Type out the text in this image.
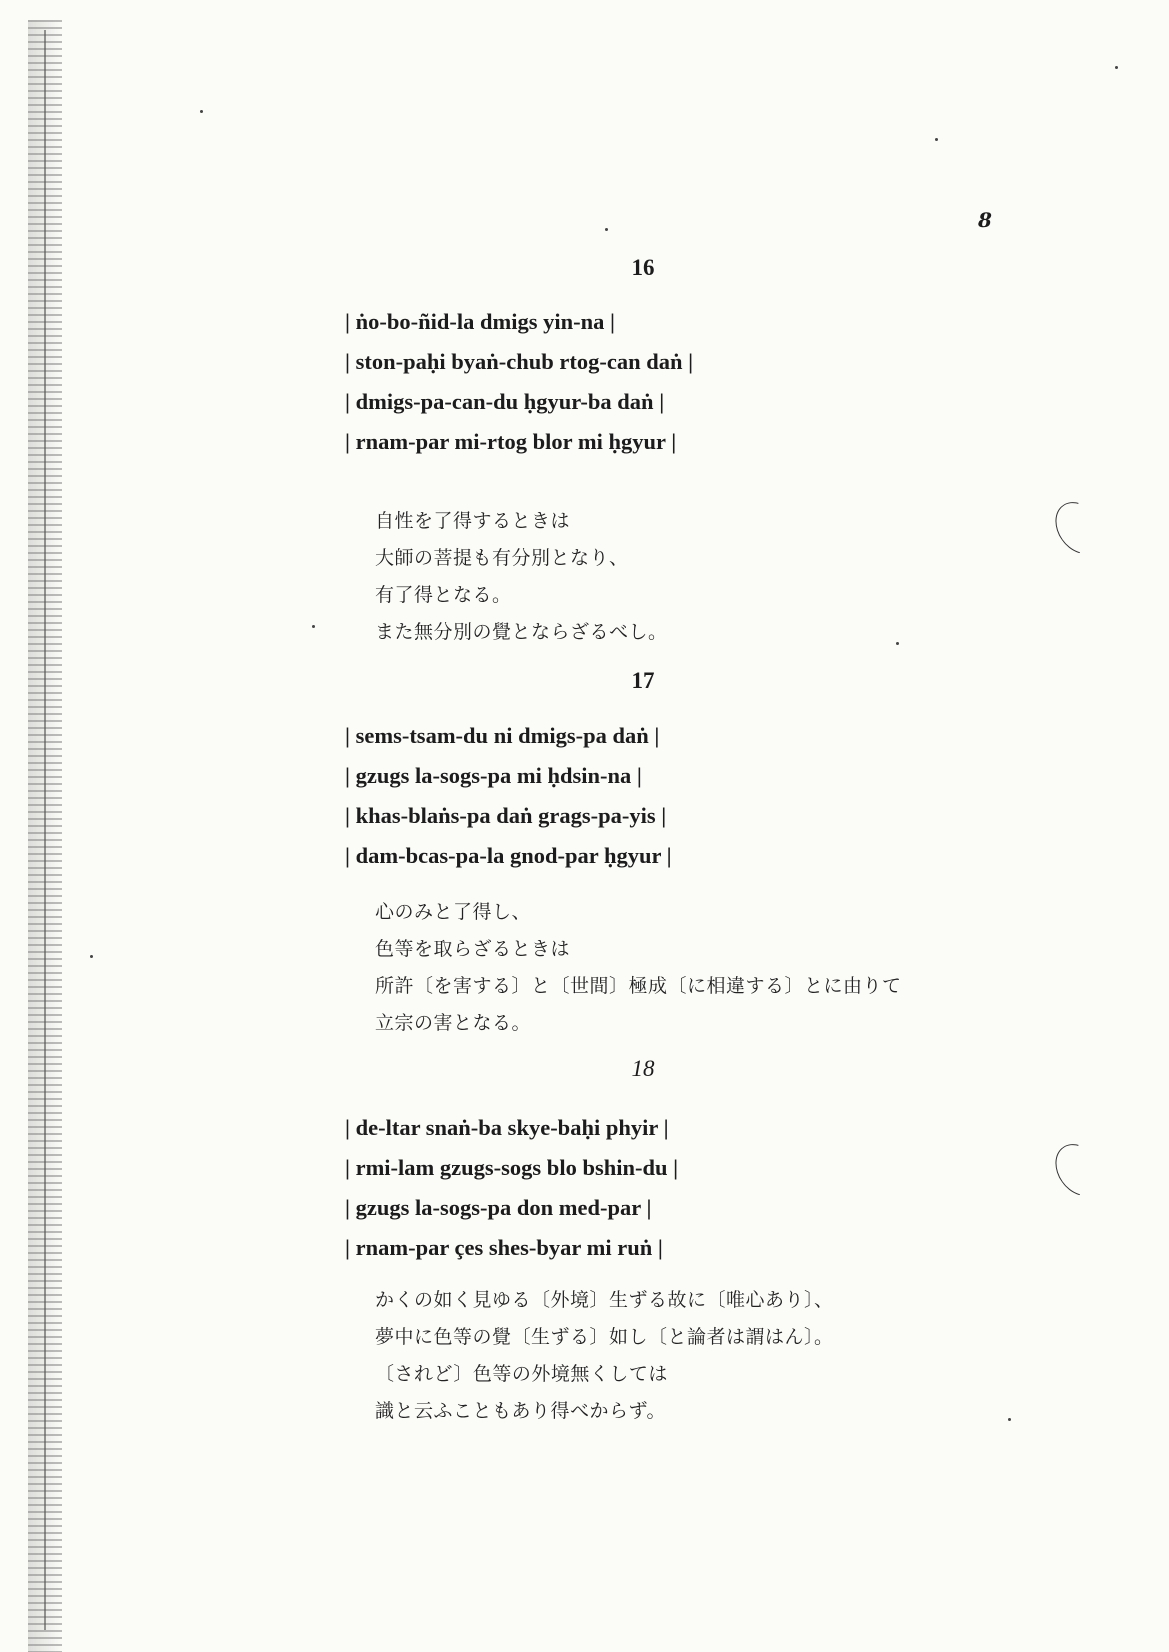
8
16
| ṅo-bo-ñid-la dmigs yin-na |
| ston-paḥi byaṅ-chub rtog-can daṅ |
| dmigs-pa-can-du ḥgyur-ba daṅ |
| rnam-par mi-rtog blor mi ḥgyur |
自性を了得するときは
大師の菩提も有分別となり、
有了得となる。
また無分別の覺とならざるべし。
17
| sems-tsam-du ni dmigs-pa daṅ |
| gzugs la-sogs-pa mi ḥdsin-na |
| khas-blaṅs-pa daṅ grags-pa-yis |
| dam-bcas-pa-la gnod-par ḥgyur |
心のみと了得し、
色等を取らざるときは
所許〔を害する〕と〔世間〕極成〔に相違する〕とに由りて
立宗の害となる。
18
| de-ltar snaṅ-ba skye-baḥi phyir |
| rmi-lam gzugs-sogs blo bshin-du |
| gzugs la-sogs-pa don med-par |
| rnam-par çes shes-byar mi ruṅ |
かくの如く見ゆる〔外境〕生ずる故に〔唯心あり〕、
夢中に色等の覺〔生ずる〕如し〔と論者は謂はん〕。
〔されど〕色等の外境無くしては
識と云ふこともあり得べからず。
